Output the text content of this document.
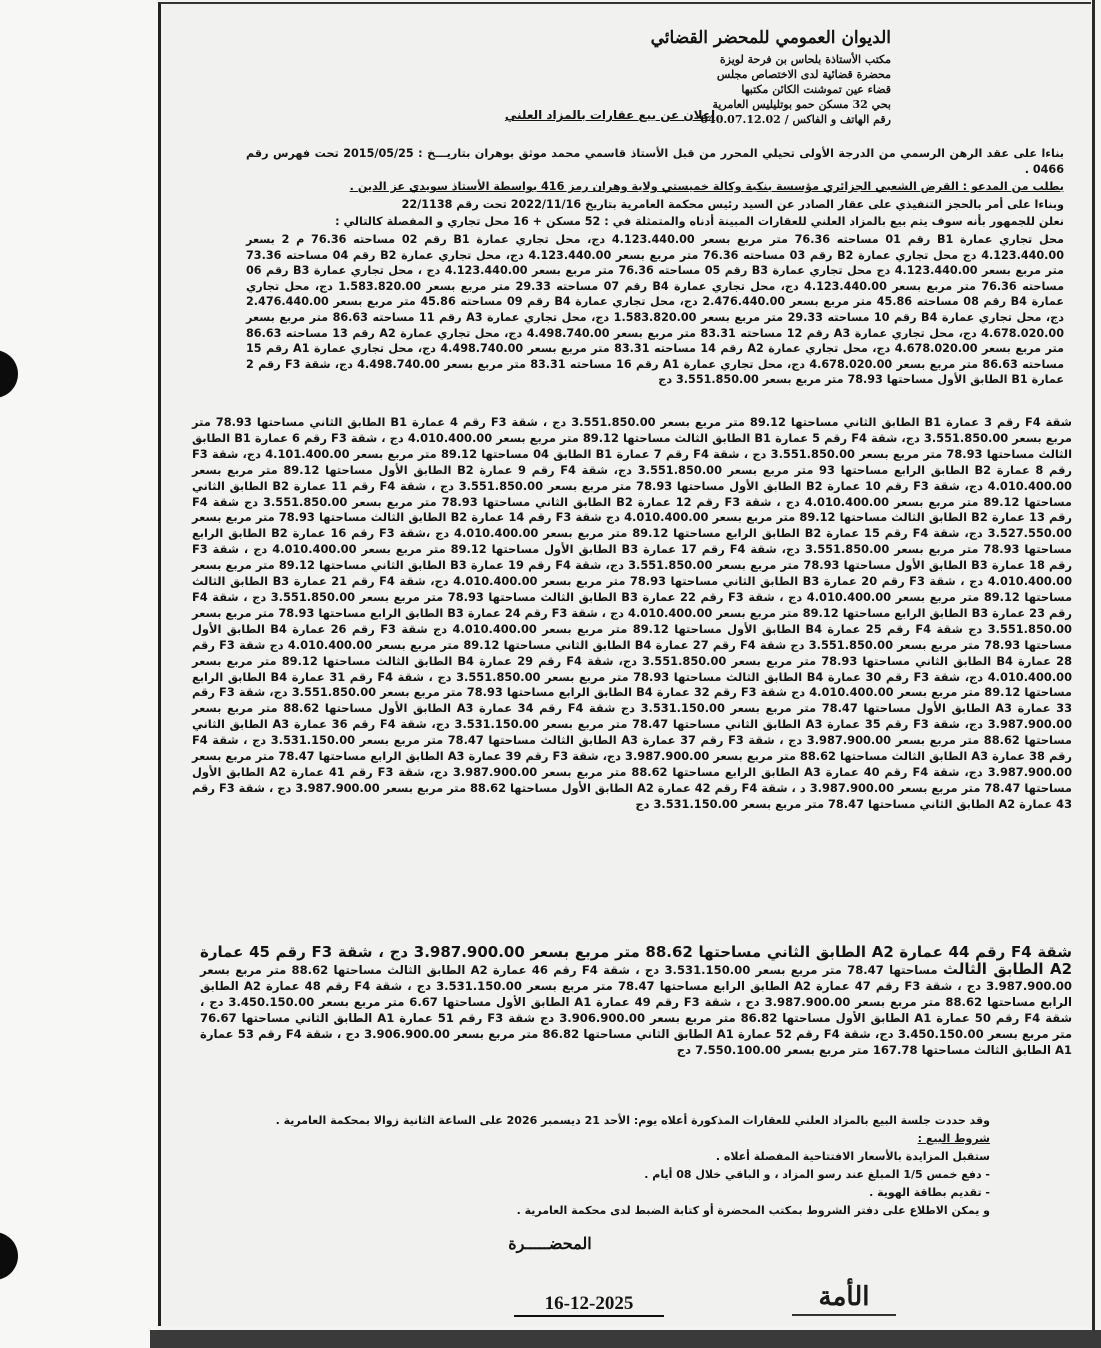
الديوان العمومي للمحضر القضائي
مكتب الأستاذة بلحاس بن فرحة لويزة
محضرة قضائية لدى الاختصاص مجلس
قضاء عين تموشنت الكائن مكتبها
بحي 32 مسكن حمو بوتليليس العامرية
رقم الهاتف و الفاكس / 040.07.12.02
إعلان عن بيع عقارات بالمزاد العلني

بناءا على عقد الرهن الرسمي من الدرجة الأولى تحيلي المحرر من قبل الأستاذ قاسمي محمد موثق بوهران بتاريـــخ : 2015/05/25 تحت فهرس رقم 0466 .

بطلب من المدعو : القرض الشعبي الجزائري مؤسسة بنكية وكالة خميستي ولاية وهران رمز 416 بواسطة الأستاذ سويدي عز الدين .

وبناءا على أمر بالحجز التنفيذي على عقار الصادر عن السيد رئيس محكمة العامرية بتاريخ 2022/11/16 تحت رقم 22/1138

نعلن للجمهور بأنه سوف يتم بيع بالمزاد العلني للعقارات المبينة أدناه والمتمثلة في : 52 مسكن + 16 محل تجاري و المفصلة كالتالي :

محل تجاري عمارة B1 رقم 01 مساحته 76.36 متر مربع بسعر 4.123.440.00 دج، محل تجاري عمارة B1 رقم 02 مساحته 76.36 م 2 بسعر 4.123.440.00 دج محل تجاري عمارة B2 رقم 03 مساحته 76.36 متر مربع بسعر 4.123.440.00 دج، محل تجاري عمارة B2 رقم 04 مساحته 73.36 متر مربع بسعر 4.123.440.00 دج محل تجاري عمارة B3 رقم 05 مساحته 76.36 متر مربع بسعر 4.123.440.00 دج ، محل تجاري عمارة B3 رقم 06 مساحته 76.36 متر مربع بسعر 4.123.440.00 دج، محل تجاري عمارة B4 رقم 07 مساحته 29.33 متر مربع بسعر 1.583.820.00 دج، محل تجاري عمارة B4 رقم 08 مساحته 45.86 متر مربع بسعر 2.476.440.00 دج، محل تجاري عمارة B4 رقم 09 مساحته 45.86 متر مربع بسعر 2.476.440.00 دج، محل تجاري عمارة B4 رقم 10 مساحته 29.33 متر مربع بسعر 1.583.820.00 دج، محل تجاري عمارة A3 رقم 11 مساحته 86.63 متر مربع بسعر 4.678.020.00 دج، محل تجاري عمارة A3 رقم 12 مساحته 83.31 متر مربع بسعر 4.498.740.00 دج، محل تجاري عمارة A2 رقم 13 مساحته 86.63 متر مربع بسعر 4.678.020.00 دج، محل تجاري عمارة A2 رقم 14 مساحته 83.31 متر مربع بسعر 4.498.740.00 دج، محل تجاري عمارة A1 رقم 15 مساحته 86.63 متر مربع بسعر 4.678.020.00 دج، محل تجاري عمارة A1 رقم 16 مساحته 83.31 متر مربع بسعر 4.498.740.00 دج، شقة F3 رقم 2 عمارة B1 الطابق الأول مساحتها 78.93 متر مربع بسعر 3.551.850.00 دج

شقة F4 رقم 3 عمارة B1 الطابق الثاني مساحتها 89.12 متر مربع بسعر 3.551.850.00 دج ، شقة F3 رقم 4 عمارة B1 الطابق الثاني مساحتها 78.93 متر مربع بسعر 3.551.850.00 دج، شقة F4 رقم 5 عمارة B1 الطابق الثالث مساحتها 89.12 متر مربع بسعر 4.010.400.00 دج ، شقة F3 رقم 6 عمارة B1 الطابق الثالث مساحتها 78.93 متر مربع بسعر 3.551.850.00 دج ، شقة F4 رقم 7 عمارة B1 الطابق 04 مساحتها 89.12 متر مربع بسعر 4.101.400.00 دج، شقة F3 رقم 8 عمارة B2 الطابق الرابع مساحتها 93 متر مربع بسعر 3.551.850.00 دج، شقة F4 رقم 9 عمارة B2 الطابق الأول مساحتها 89.12 متر مربع بسعر 4.010.400.00 دج، شقة F3 رقم 10 عمارة B2 الطابق الأول مساحتها 78.93 متر مربع بسعر 3.551.850.00 دج ، شقة F4 رقم 11 عمارة B2 الطابق الثاني مساحتها 89.12 متر مربع بسعر 4.010.400.00 دج ، شقة F3 رقم 12 عمارة B2 الطابق الثاني مساحتها 78.93 متر مربع بسعر 3.551.850.00 دج شقة F4 رقم 13 عمارة B2 الطابق الثالث مساحتها 89.12 متر مربع بسعر 4.010.400.00 دج شقة F3 رقم 14 عمارة B2 الطابق الثالث مساحتها 78.93 متر مربع بسعر 3.527.550.00 دج، شقة F4 رقم 15 عمارة B2 الطابق الرابع مساحتها 89.12 متر مربع بسعر 4.010.400.00 دج ،شقة F3 رقم 16 عمارة B2 الطابق الرابع مساحتها 78.93 متر مربع بسعر 3.551.850.00 دج، شقة F4 رقم 17 عمارة B3 الطابق الأول مساحتها 89.12 متر مربع بسعر 4.010.400.00 دج ، شقة F3 رقم 18 عمارة B3 الطابق الأول مساحتها 78.93 متر مربع بسعر 3.551.850.00 دج، شقة F4 رقم 19 عمارة B3 الطابق الثاني مساحتها 89.12 متر مربع بسعر 4.010.400.00 دج ، شقة F3 رقم 20 عمارة B3 الطابق الثاني مساحتها 78.93 متر مربع بسعر 4.010.400.00 دج، شقة F4 رقم 21 عمارة B3 الطابق الثالث مساحتها 89.12 متر مربع بسعر 4.010.400.00 دج ، شقة F3 رقم 22 عمارة B3 الطابق الثالث مساحتها 78.93 متر مربع بسعر 3.551.850.00 دج ، شقة F4 رقم 23 عمارة B3 الطابق الرابع مساحتها 89.12 متر مربع بسعر 4.010.400.00 دج ، شقة F3 رقم 24 عمارة B3 الطابق الرابع مساحتها 78.93 متر مربع بسعر 3.551.850.00 دج شقة F4 رقم 25 عمارة B4 الطابق الأول مساحتها 89.12 متر مربع بسعر 4.010.400.00 دج شقة F3 رقم 26 عمارة B4 الطابق الأول مساحتها 78.93 متر مربع بسعر 3.551.850.00 دج شقة F4 رقم 27 عمارة B4 الطابق الثاني مساحتها 89.12 متر مربع بسعر 4.010.400.00 دج شقة F3 رقم 28 عمارة B4 الطابق الثاني مساحتها 78.93 متر مربع بسعر 3.551.850.00 دج، شقة F4 رقم 29 عمارة B4 الطابق الثالث مساحتها 89.12 متر مربع بسعر 4.010.400.00 دج، شقة F3 رقم 30 عمارة B4 الطابق الثالث مساحتها 78.93 متر مربع بسعر 3.551.850.00 دج ، شقة F4 رقم 31 عمارة B4 الطابق الرابع مساحتها 89.12 متر مربع بسعر 4.010.400.00 دج شقة F3 رقم 32 عمارة B4 الطابق الرابع مساحتها 78.93 متر مربع بسعر 3.551.850.00 دج، شقة F3 رقم 33 عمارة A3 الطابق الأول مساحتها 78.47 متر مربع بسعر 3.531.150.00 دج شقة F4 رقم 34 عمارة A3 الطابق الأول مساحتها 88.62 متر مربع بسعر 3.987.900.00 دج، شقة F3 رقم 35 عمارة A3 الطابق الثاني مساحتها 78.47 متر مربع بسعر 3.531.150.00 دج، شقة F4 رقم 36 عمارة A3 الطابق الثاني مساحتها 88.62 متر مربع بسعر 3.987.900.00 دج ، شقة F3 رقم 37 عمارة A3 الطابق الثالث مساحتها 78.47 متر مربع بسعر 3.531.150.00 دج ، شقة F4 رقم 38 عمارة A3 الطابق الثالث مساحتها 88.62 متر مربع بسعر 3.987.900.00 دج، شقة F3 رقم 39 عمارة A3 الطابق الرابع مساحتها 78.47 متر مربع بسعر 3.987.900.00 دج، شقة F4 رقم 40 عمارة A3 الطابق الرابع مساحتها 88.62 متر مربع بسعر 3.987.900.00 دج، شقة F3 رقم 41 عمارة A2 الطابق الأول مساحتها 78.47 متر مربع بسعر 3.987.900.00 د ، شقة F4 رقم 42 عمارة A2 الطابق الأول مساحتها 88.62 متر مربع بسعر 3.987.900.00 دج ، شقة F3 رقم 43 عمارة A2 الطابق الثاني مساحتها 78.47 متر مربع بسعر 3.531.150.00 دج
شقة F4 رقم 44 عمارة A2 الطابق الثاني مساحتها 88.62 متر مربع بسعر 3.987.900.00 دج ، شقة F3 رقم 45 عمارة A2 الطابق الثالث مساحتها 78.47 متر مربع بسعر 3.531.150.00 دج ، شقة F4 رقم 46 عمارة A2 الطابق الثالث مساحتها 88.62 متر مربع بسعر 3.987.900.00 دج ، شقة F3 رقم 47 عمارة A2 الطابق الرابع مساحتها 78.47 متر مربع بسعر 3.531.150.00 دج ، شقة F4 رقم 48 عمارة A2 الطابق الرابع مساحتها 88.62 متر مربع بسعر 3.987.900.00 دج ، شقة F3 رقم 49 عمارة A1 الطابق الأول مساحتها 6.67 متر مربع بسعر 3.450.150.00 دج ، شقة F4 رقم 50 عمارة A1 الطابق الأول مساحتها 86.82 متر مربع بسعر 3.906.900.00 دج شقة F3 رقم 51 عمارة A1 الطابق الثاني مساحتها 76.67 متر مربع بسعر 3.450.150.00 دج، شقة F4 رقم 52 عمارة A1 الطابق الثاني مساحتها 86.82 متر مربع بسعر 3.906.900.00 دج ، شقة F4 رقم 53 عمارة A1 الطابق الثالث مساحتها 167.78 متر مربع بسعر 7.550.100.00 دج
وقد حددت جلسة البيع بالمزاد العلني للعقارات المذكورة أعلاه يوم: الأحد 21 ديسمبر 2026 على الساعة الثانية زوالا بمحكمة العامرية .
شروط البيع :
ستقبل المزايدة بالأسعار الافتتاحية المفصلة أعلاه .
- دفع خمس 1/5 المبلغ عند رسو المزاد ، و الباقي خلال 08 أيام .
- تقديم بطاقة الهوية .
و يمكن الاطلاع على دفتر الشروط بمكتب المحضرة أو كتابة الضبط لدى محكمة العامرية .
المحضـــــرة
16-12-2025	الأمة
